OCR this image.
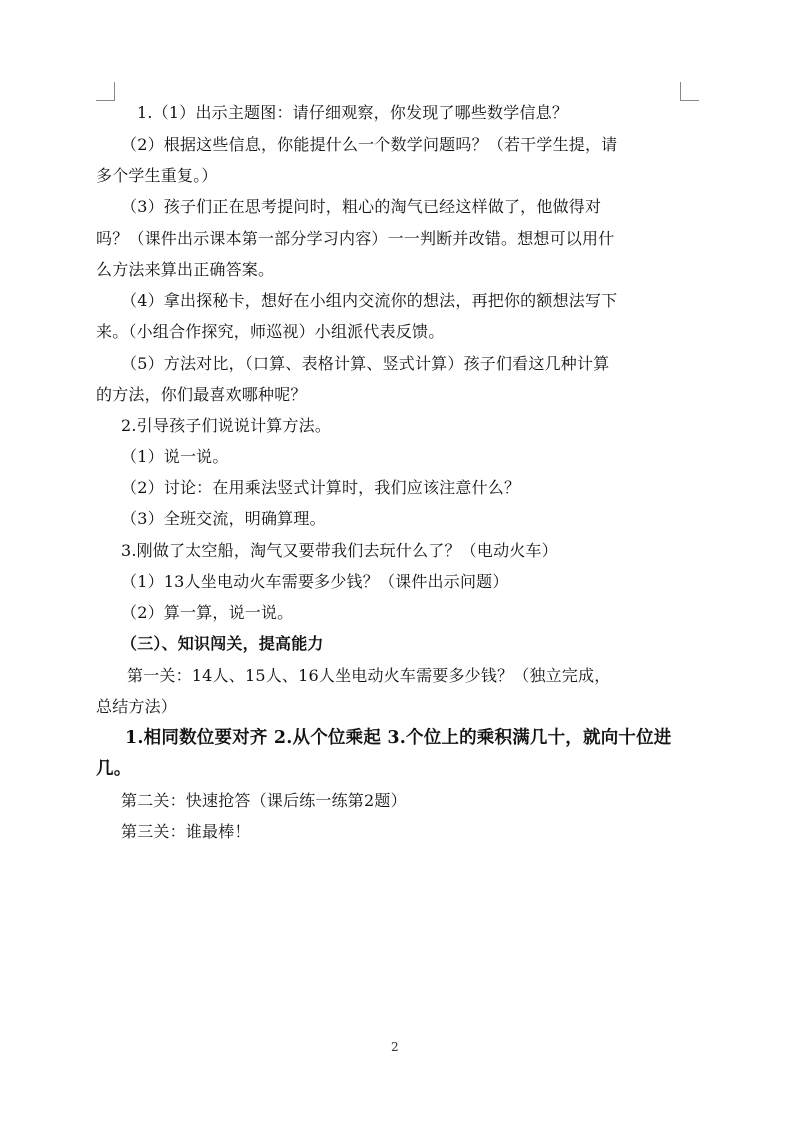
1.（1）出示主题图：请仔细观察，你发现了哪些数学信息？
（2）根据这些信息，你能提什么一个数学问题吗？（若干学生提，请
多个学生重复。）
（3）孩子们正在思考提问时，粗心的淘气已经这样做了，他做得对
吗？（课件出示课本第一部分学习内容）一一判断并改错。想想可以用什
么方法来算出正确答案。
（4）拿出探秘卡，想好在小组内交流你的想法，再把你的额想法写下
来。（小组合作探究，师巡视）小组派代表反馈。
（5）方法对比，（口算、表格计算、竖式计算）孩子们看这几种计算
的方法，你们最喜欢哪种呢？
2.引导孩子们说说计算方法。
（1）说一说。
（2）讨论：在用乘法竖式计算时，我们应该注意什么？
（3）全班交流，明确算理。
3.刚做了太空船，淘气又要带我们去玩什么了？（电动火车）
（1）13人坐电动火车需要多少钱？（课件出示问题）
（2）算一算，说一说。
（三）、知识闯关，提高能力
第一关：14人、15人、16人坐电动火车需要多少钱？（独立完成，
总结方法）
1.相同数位要对齐 2.从个位乘起 3.个位上的乘积满几十，就向十位进
几。
第二关：快速抢答（课后练一练第2题）
第三关：谁最棒！
2
